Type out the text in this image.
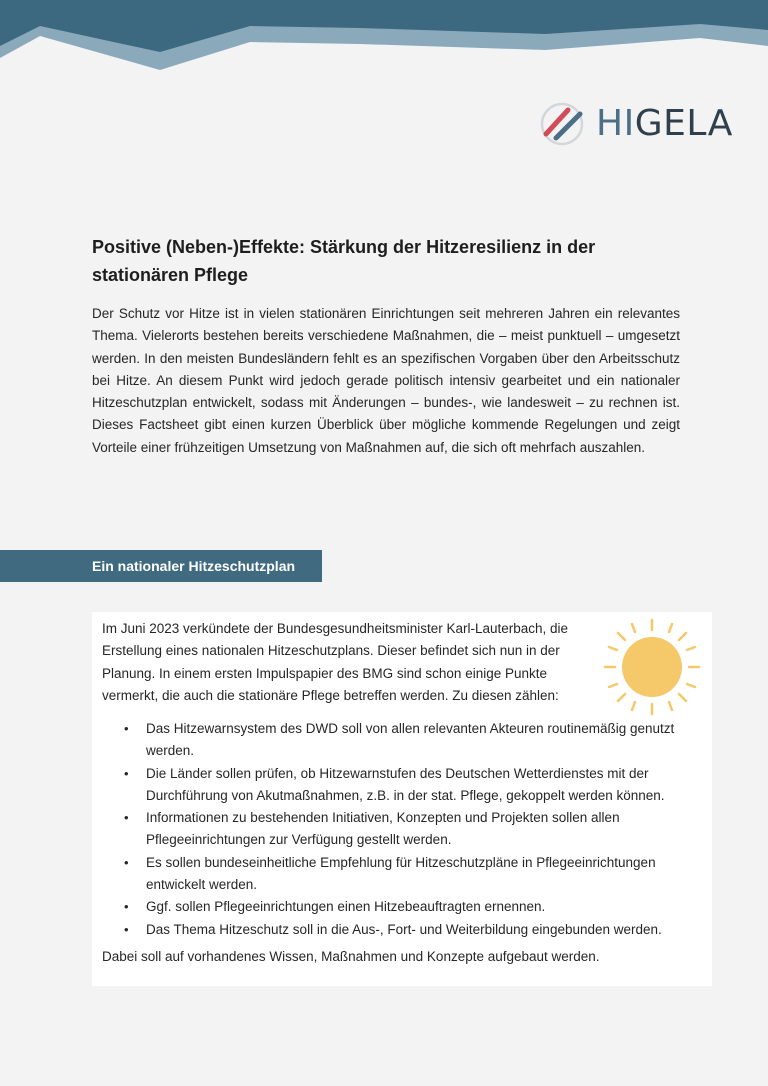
HIGELA
Positive (Neben-)Effekte: Stärkung der Hitzeresilienz in der stationären Pflege

Der Schutz vor Hitze ist in vielen stationären Einrichtungen seit mehreren Jahren ein relevantes Thema. Vielerorts bestehen bereits verschiedene Maßnahmen, die – meist punktuell – umgesetzt werden. In den meisten Bundesländern fehlt es an spezifischen Vorgaben über den Arbeitsschutz bei Hitze. An diesem Punkt wird jedoch gerade politisch intensiv gearbeitet und ein nationaler Hitzeschutzplan entwickelt, sodass mit Änderungen – bundes-, wie landesweit – zu rechnen ist. Dieses Factsheet gibt einen kurzen Überblick über mögliche kommende Regelungen und zeigt Vorteile einer frühzeitigen Umsetzung von Maßnahmen auf, die sich oft mehrfach auszahlen.

Ein nationaler Hitzeschutzplan

Im Juni 2023 verkündete der Bundesgesundheitsminister Karl-Lauterbach, die Erstellung eines nationalen Hitzeschutzplans. Dieser befindet sich nun in der Planung. In einem ersten Impulspapier des BMG sind schon einige Punkte vermerkt, die auch die stationäre Pflege betreffen werden. Zu diesen zählen:

• Das Hitzewarnsystem des DWD soll von allen relevanten Akteuren routinemäßig genutzt werden.
• Die Länder sollen prüfen, ob Hitzewarnstufen des Deutschen Wetterdienstes mit der Durchführung von Akutmaßnahmen, z.B. in der stat. Pflege, gekoppelt werden können.
• Informationen zu bestehenden Initiativen, Konzepten und Projekten sollen allen Pflegeeinrichtungen zur Verfügung gestellt werden.
• Es sollen bundeseinheitliche Empfehlung für Hitzeschutzpläne in Pflegeeinrichtungen entwickelt werden.
• Ggf. sollen Pflegeeinrichtungen einen Hitzebeauftragten ernennen.
• Das Thema Hitzeschutz soll in die Aus-, Fort- und Weiterbildung eingebunden werden.

Dabei soll auf vorhandenes Wissen, Maßnahmen und Konzepte aufgebaut werden.
